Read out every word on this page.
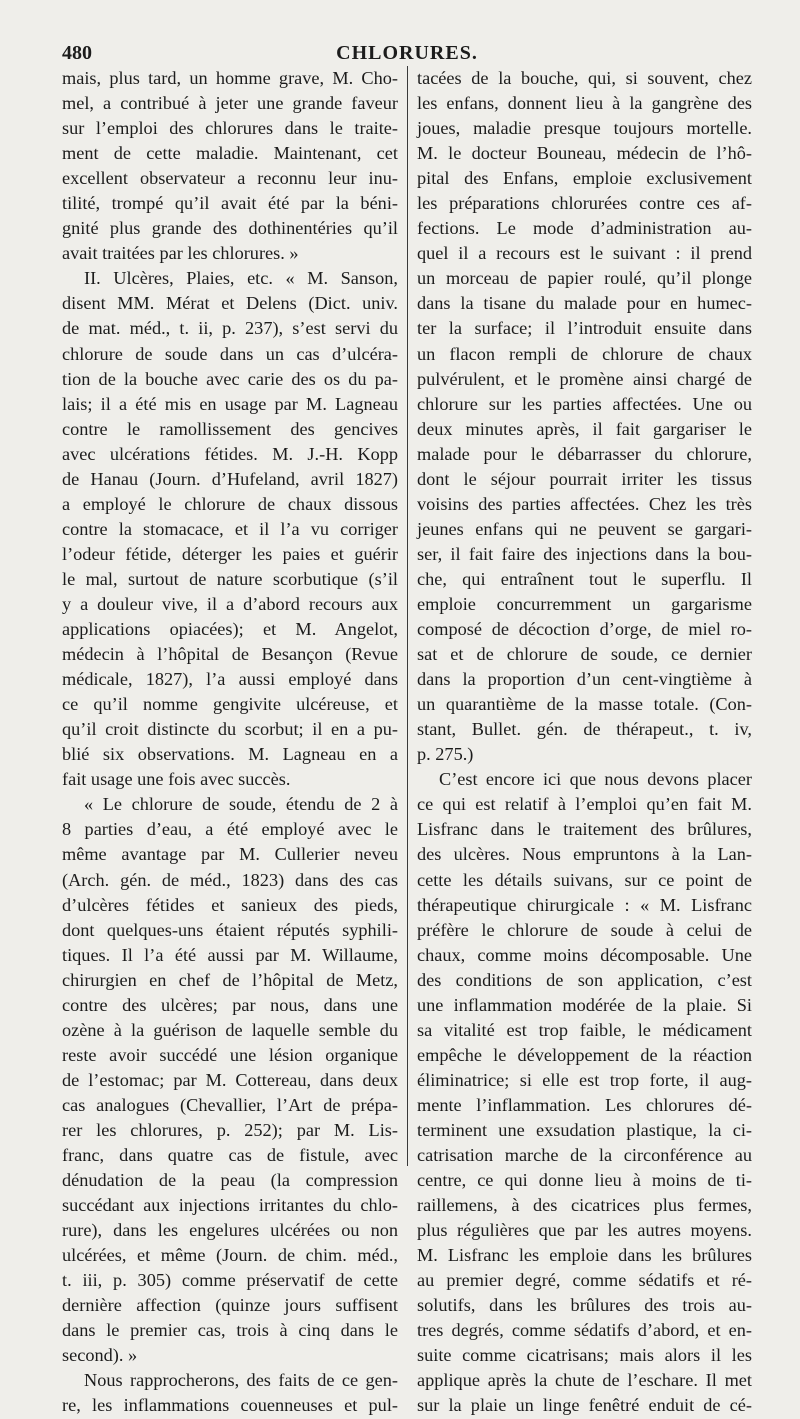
480	CHLORURES.
mais, plus tard, un homme grave, M. Cho-
mel, a contribué à jeter une grande faveur
sur l’emploi des chlorures dans le traite-
ment de cette maladie. Maintenant, cet
excellent observateur a reconnu leur inu-
tilité, trompé qu’il avait été par la béni-
gnité plus grande des dothinentéries qu’il
avait traitées par les chlorures. »
II. Ulcères, Plaies, etc. « M. Sanson,
disent MM. Mérat et Delens (Dict. univ.
de mat. méd., t. ii, p. 237), s’est servi du
chlorure de soude dans un cas d’ulcéra-
tion de la bouche avec carie des os du pa-
lais; il a été mis en usage par M. Lagneau
contre le ramollissement des gencives
avec ulcérations fétides. M. J.-H. Kopp
de Hanau (Journ. d’Hufeland, avril 1827)
a employé le chlorure de chaux dissous
contre la stomacace, et il l’a vu corriger
l’odeur fétide, déterger les paies et guérir
le mal, surtout de nature scorbutique (s’il
y a douleur vive, il a d’abord recours aux
applications opiacées); et M. Angelot,
médecin à l’hôpital de Besançon (Revue
médicale, 1827), l’a aussi employé dans
ce qu’il nomme gengivite ulcéreuse, et
qu’il croit distincte du scorbut; il en a pu-
blié six observations. M. Lagneau en a
fait usage une fois avec succès.
« Le chlorure de soude, étendu de 2 à
8 parties d’eau, a été employé avec le
même avantage par M. Cullerier neveu
(Arch. gén. de méd., 1823) dans des cas
d’ulcères fétides et sanieux des pieds,
dont quelques-uns étaient réputés syphili-
tiques. Il l’a été aussi par M. Willaume,
chirurgien en chef de l’hôpital de Metz,
contre des ulcères; par nous, dans une
ozène à la guérison de laquelle semble du
reste avoir succédé une lésion organique
de l’estomac; par M. Cottereau, dans deux
cas analogues (Chevallier, l’Art de prépa-
rer les chlorures, p. 252); par M. Lis-
franc, dans quatre cas de fistule, avec
dénudation de la peau (la compression
succédant aux injections irritantes du chlo-
rure), dans les engelures ulcérées ou non
ulcérées, et même (Journ. de chim. méd.,
t. iii, p. 305) comme préservatif de cette
dernière affection (quinze jours suffisent
dans le premier cas, trois à cinq dans le
second). »
Nous rapprocherons, des faits de ce gen-
re, les inflammations couenneuses et pul-
tacées de la bouche, qui, si souvent, chez
les enfans, donnent lieu à la gangrène des
joues, maladie presque toujours mortelle.
M. le docteur Bouneau, médecin de l’hô-
pital des Enfans, emploie exclusivement
les préparations chlorurées contre ces af-
fections. Le mode d’administration au-
quel il a recours est le suivant : il prend
un morceau de papier roulé, qu’il plonge
dans la tisane du malade pour en humec-
ter la surface; il l’introduit ensuite dans
un flacon rempli de chlorure de chaux
pulvérulent, et le promène ainsi chargé de
chlorure sur les parties affectées. Une ou
deux minutes après, il fait gargariser le
malade pour le débarrasser du chlorure,
dont le séjour pourrait irriter les tissus
voisins des parties affectées. Chez les très
jeunes enfans qui ne peuvent se gargari-
ser, il fait faire des injections dans la bou-
che, qui entraînent tout le superflu. Il
emploie concurremment un gargarisme
composé de décoction d’orge, de miel ro-
sat et de chlorure de soude, ce dernier
dans la proportion d’un cent-vingtième à
un quarantième de la masse totale. (Con-
stant, Bullet. gén. de thérapeut., t. iv,
p. 275.)
C’est encore ici que nous devons placer
ce qui est relatif à l’emploi qu’en fait M.
Lisfranc dans le traitement des brûlures,
des ulcères. Nous empruntons à la Lan-
cette les détails suivans, sur ce point de
thérapeutique chirurgicale : « M. Lisfranc
préfère le chlorure de soude à celui de
chaux, comme moins décomposable. Une
des conditions de son application, c’est
une inflammation modérée de la plaie. Si
sa vitalité est trop faible, le médicament
empêche le développement de la réaction
éliminatrice; si elle est trop forte, il aug-
mente l’inflammation. Les chlorures dé-
terminent une exsudation plastique, la ci-
catrisation marche de la circonférence au
centre, ce qui donne lieu à moins de ti-
raillemens, à des cicatrices plus fermes,
plus régulières que par les autres moyens.
M. Lisfranc les emploie dans les brûlures
au premier degré, comme sédatifs et ré-
solutifs, dans les brûlures des trois au-
tres degrés, comme sédatifs d’abord, et en-
suite comme cicatrisans; mais alors il les
applique après la chute de l’eschare. Il met
sur la plaie un linge fenêtré enduit de cé-
